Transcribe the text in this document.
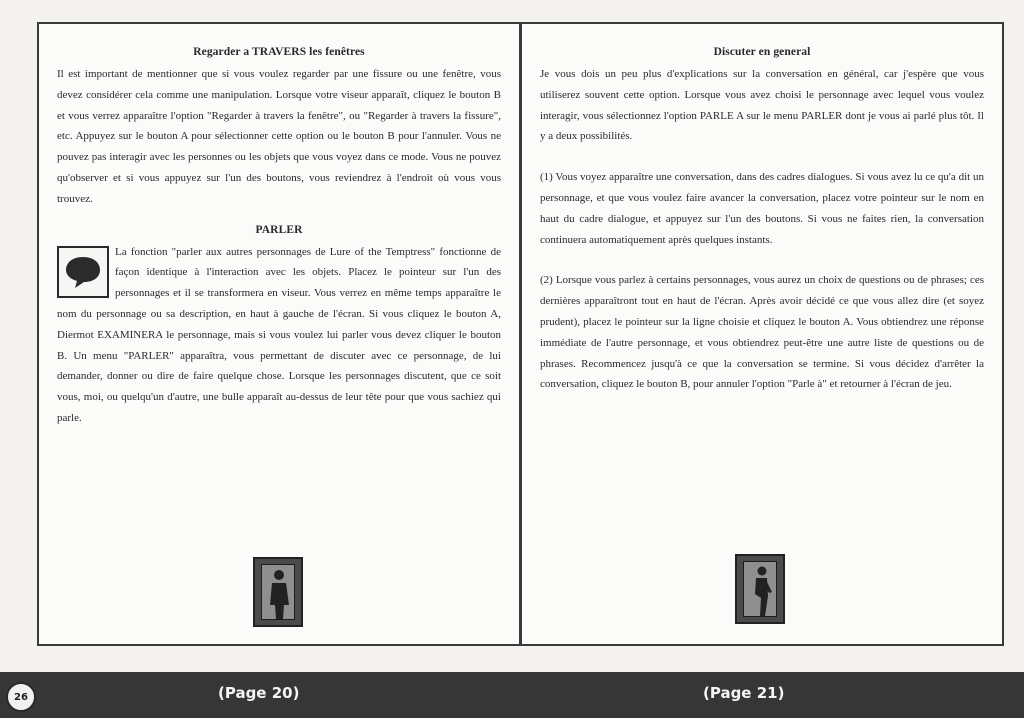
Regarder a TRAVERS les fenêtres

Il est important de mentionner que si vous voulez regarder par une fissure ou une fenêtre, vous devez considérer cela comme une manipulation. Lorsque votre viseur apparaît, cliquez le bouton B et vous verrez apparaître l'option "Regarder à travers la fenêtre", ou "Regarder à travers la fissure", etc. Appuyez sur le bouton A pour sélectionner cette option ou le bouton B pour l'annuler. Vous ne pouvez pas interagir avec les personnes ou les objets que vous voyez dans ce mode. Vous ne pouvez qu'observer et si vous appuyez sur l'un des boutons, vous reviendrez à l'endroit où vous vous trouvez.

PARLER

La fonction "parler aux autres personnages de Lure of the Temptress" fonctionne de façon identique à l'interaction avec les objets. Placez le pointeur sur l'un des personnages et il se transformera en viseur. Vous verrez en même temps apparaître le nom du personnage ou sa description, en haut à gauche de l'écran. Si vous cliquez le bouton A, Diermot EXAMINERA le personnage, mais si vous voulez lui parler vous devez cliquer le bouton B. Un menu "PARLER" apparaîtra, vous permettant de discuter avec ce personnage, de lui demander, donner ou dire de faire quelque chose. Lorsque les personnages discutent, que ce soit vous, moi, ou quelqu'un d'autre, une bulle apparaît au-dessus de leur tête pour que vous sachiez qui parle.

Discuter en general

Je vous dois un peu plus d'explications sur la conversation en général, car j'espère que vous utiliserez souvent cette option. Lorsque vous avez choisi le personnage avec lequel vous voulez interagir, vous sélectionnez l'option PARLE A sur le menu PARLER dont je vous ai parlé plus tôt. Il y a deux possibilités.

(1) Vous voyez apparaître une conversation, dans des cadres dialogues. Si vous avez lu ce qu'a dit un personnage, et que vous voulez faire avancer la conversation, placez votre pointeur sur le nom en haut du cadre dialogue, et appuyez sur l'un des boutons. Si vous ne faites rien, la conversation continuera automatiquement après quelques instants.

(2) Lorsque vous parlez à certains personnages, vous aurez un choix de questions ou de phrases; ces dernières apparaîtront tout en haut de l'écran. Après avoir décidé ce que vous allez dire (et soyez prudent), placez le pointeur sur la ligne choisie et cliquez le bouton A. Vous obtiendrez une réponse immédiate de l'autre personnage, et vous obtiendrez peut-être une autre liste de questions ou de phrases. Recommencez jusqu'à ce que la conversation se termine. Si vous décidez d'arrêter la conversation, cliquez le bouton B, pour annuler l'option "Parle à" et retourner à l'écran de jeu.

26	(Page 20)	(Page 21)
